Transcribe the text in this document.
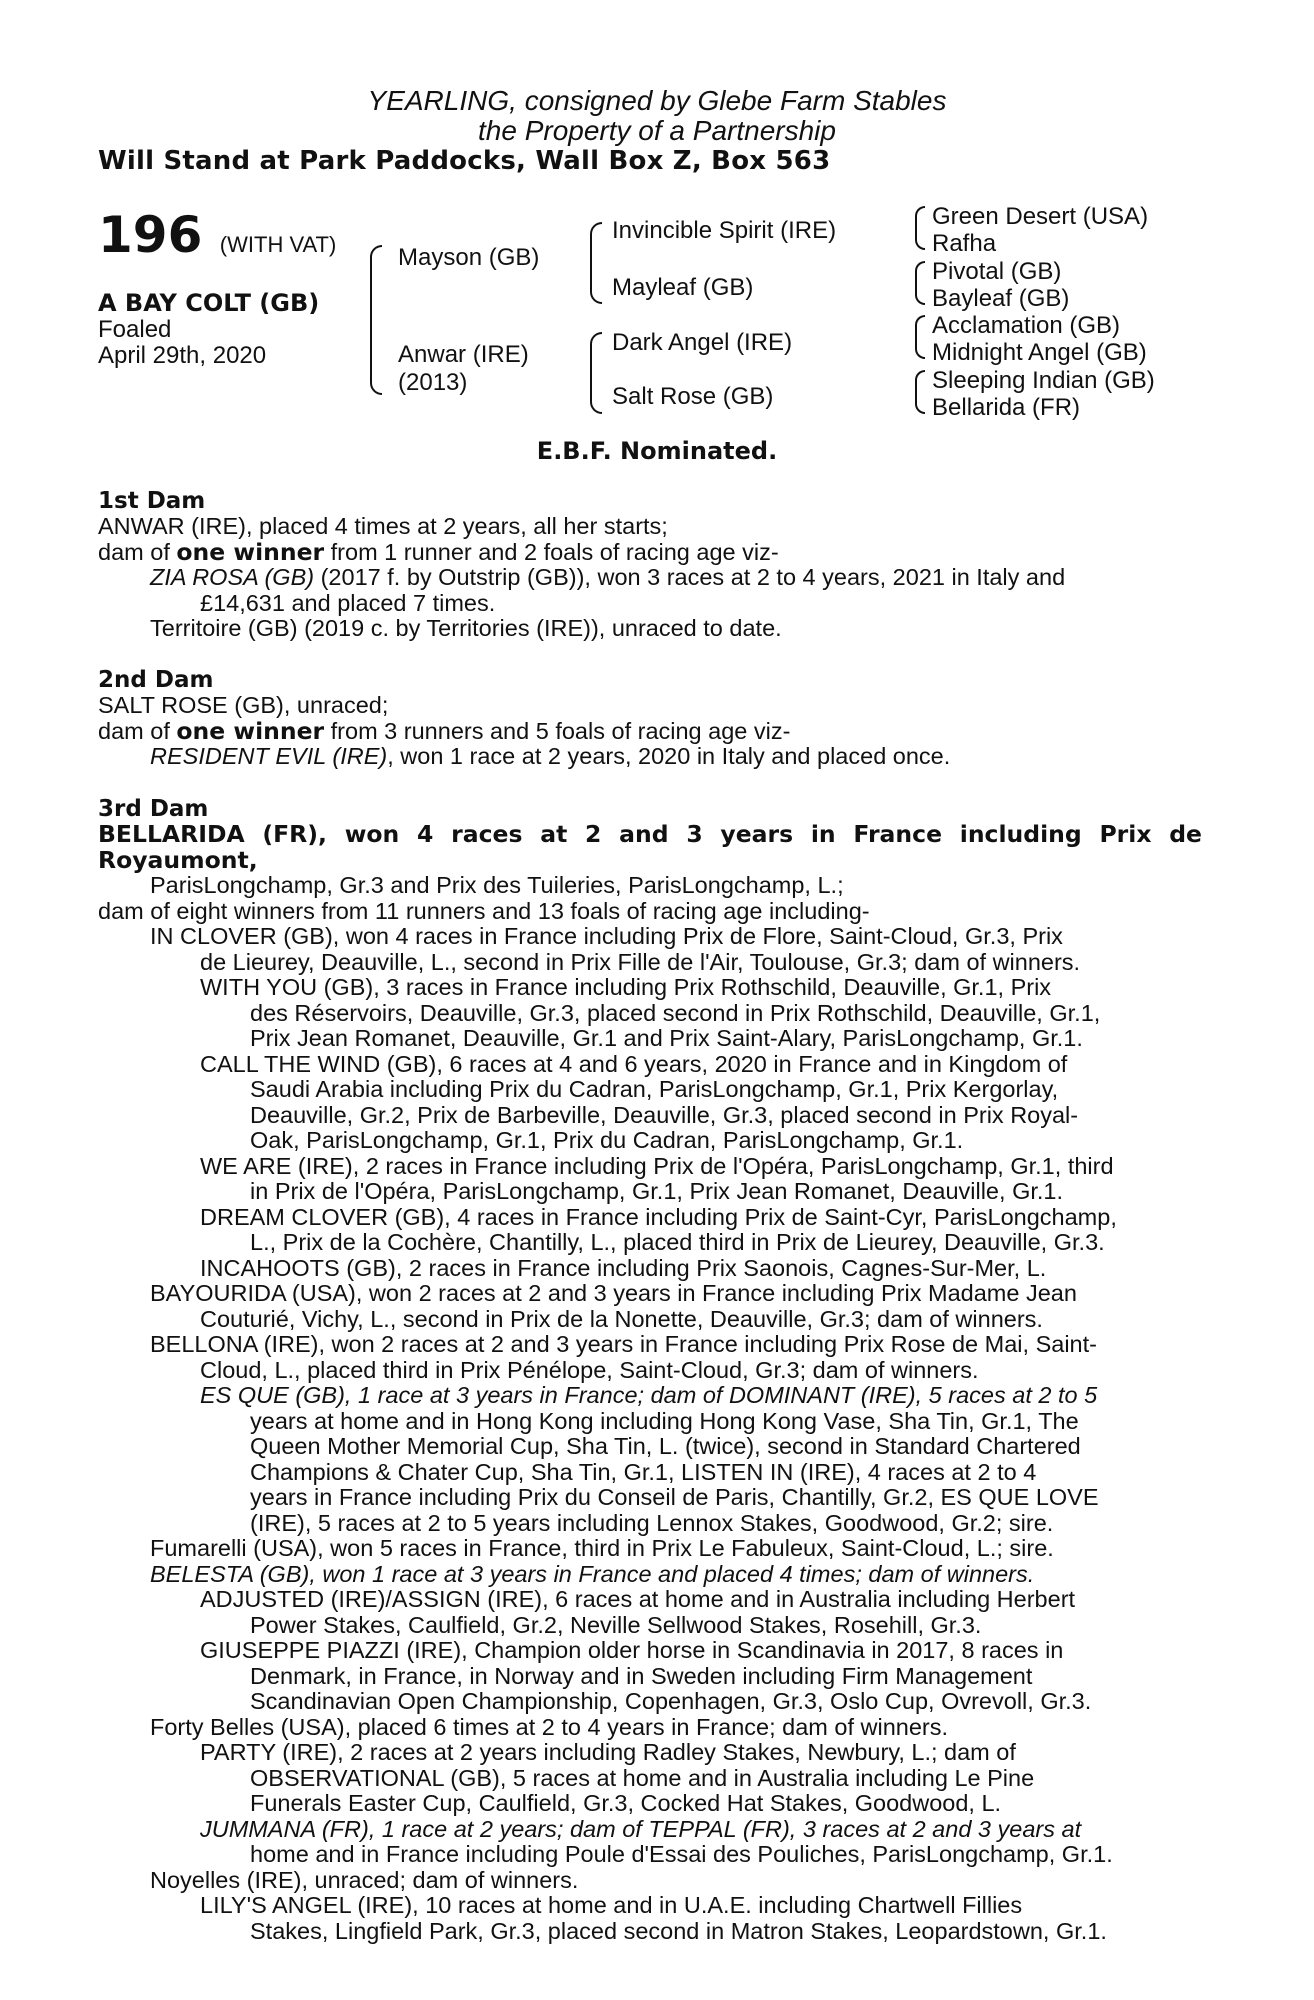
YEARLING, consigned by Glebe Farm Stables
the Property of a Partnership
Will Stand at Park Paddocks, Wall Box Z, Box 563
196 (WITH VAT)
A BAY COLT (GB)
Foaled
April 29th, 2020
Mayson (GB)
Anwar (IRE)
(2013)
Invincible Spirit (IRE)
Mayleaf (GB)
Dark Angel (IRE)
Salt Rose (GB)
Green Desert (USA)
Rafha
Pivotal (GB)
Bayleaf (GB)
Acclamation (GB)
Midnight Angel (GB)
Sleeping Indian (GB)
Bellarida (FR)
E.B.F. Nominated.
1st Dam
ANWAR (IRE), placed 4 times at 2 years, all her starts;
dam of one winner from 1 runner and 2 foals of racing age viz-
ZIA ROSA (GB) (2017 f. by Outstrip (GB)), won 3 races at 2 to 4 years, 2021 in Italy and
£14,631 and placed 7 times.
Territoire (GB) (2019 c. by Territories (IRE)), unraced to date.
2nd Dam
SALT ROSE (GB), unraced;
dam of one winner from 3 runners and 5 foals of racing age viz-
RESIDENT EVIL (IRE), won 1 race at 2 years, 2020 in Italy and placed once.
3rd Dam
BELLARIDA (FR), won 4 races at 2 and 3 years in France including Prix de Royaumont,
ParisLongchamp, Gr.3 and Prix des Tuileries, ParisLongchamp, L.;
dam of eight winners from 11 runners and 13 foals of racing age including-
IN CLOVER (GB), won 4 races in France including Prix de Flore, Saint-Cloud, Gr.3, Prix
de Lieurey, Deauville, L., second in Prix Fille de l'Air, Toulouse, Gr.3; dam of winners.
WITH YOU (GB), 3 races in France including Prix Rothschild, Deauville, Gr.1, Prix
des Réservoirs, Deauville, Gr.3, placed second in Prix Rothschild, Deauville, Gr.1,
Prix Jean Romanet, Deauville, Gr.1 and Prix Saint-Alary, ParisLongchamp, Gr.1.
CALL THE WIND (GB), 6 races at 4 and 6 years, 2020 in France and in Kingdom of
Saudi Arabia including Prix du Cadran, ParisLongchamp, Gr.1, Prix Kergorlay,
Deauville, Gr.2, Prix de Barbeville, Deauville, Gr.3, placed second in Prix Royal-
Oak, ParisLongchamp, Gr.1, Prix du Cadran, ParisLongchamp, Gr.1.
WE ARE (IRE), 2 races in France including Prix de l'Opéra, ParisLongchamp, Gr.1, third
in Prix de l'Opéra, ParisLongchamp, Gr.1, Prix Jean Romanet, Deauville, Gr.1.
DREAM CLOVER (GB), 4 races in France including Prix de Saint-Cyr, ParisLongchamp,
L., Prix de la Cochère, Chantilly, L., placed third in Prix de Lieurey, Deauville, Gr.3.
INCAHOOTS (GB), 2 races in France including Prix Saonois, Cagnes-Sur-Mer, L.
BAYOURIDA (USA), won 2 races at 2 and 3 years in France including Prix Madame Jean
Couturié, Vichy, L., second in Prix de la Nonette, Deauville, Gr.3; dam of winners.
BELLONA (IRE), won 2 races at 2 and 3 years in France including Prix Rose de Mai, Saint-
Cloud, L., placed third in Prix Pénélope, Saint-Cloud, Gr.3; dam of winners.
ES QUE (GB), 1 race at 3 years in France; dam of DOMINANT (IRE), 5 races at 2 to 5
years at home and in Hong Kong including Hong Kong Vase, Sha Tin, Gr.1, The
Queen Mother Memorial Cup, Sha Tin, L. (twice), second in Standard Chartered
Champions & Chater Cup, Sha Tin, Gr.1, LISTEN IN (IRE), 4 races at 2 to 4
years in France including Prix du Conseil de Paris, Chantilly, Gr.2, ES QUE LOVE
(IRE), 5 races at 2 to 5 years including Lennox Stakes, Goodwood, Gr.2; sire.
Fumarelli (USA), won 5 races in France, third in Prix Le Fabuleux, Saint-Cloud, L.; sire.
BELESTA (GB), won 1 race at 3 years in France and placed 4 times; dam of winners.
ADJUSTED (IRE)/ASSIGN (IRE), 6 races at home and in Australia including Herbert
Power Stakes, Caulfield, Gr.2, Neville Sellwood Stakes, Rosehill, Gr.3.
GIUSEPPE PIAZZI (IRE), Champion older horse in Scandinavia in 2017, 8 races in
Denmark, in France, in Norway and in Sweden including Firm Management
Scandinavian Open Championship, Copenhagen, Gr.3, Oslo Cup, Ovrevoll, Gr.3.
Forty Belles (USA), placed 6 times at 2 to 4 years in France; dam of winners.
PARTY (IRE), 2 races at 2 years including Radley Stakes, Newbury, L.; dam of
OBSERVATIONAL (GB), 5 races at home and in Australia including Le Pine
Funerals Easter Cup, Caulfield, Gr.3, Cocked Hat Stakes, Goodwood, L.
JUMMANA (FR), 1 race at 2 years; dam of TEPPAL (FR), 3 races at 2 and 3 years at
home and in France including Poule d'Essai des Pouliches, ParisLongchamp, Gr.1.
Noyelles (IRE), unraced; dam of winners.
LILY'S ANGEL (IRE), 10 races at home and in U.A.E. including Chartwell Fillies
Stakes, Lingfield Park, Gr.3, placed second in Matron Stakes, Leopardstown, Gr.1.
